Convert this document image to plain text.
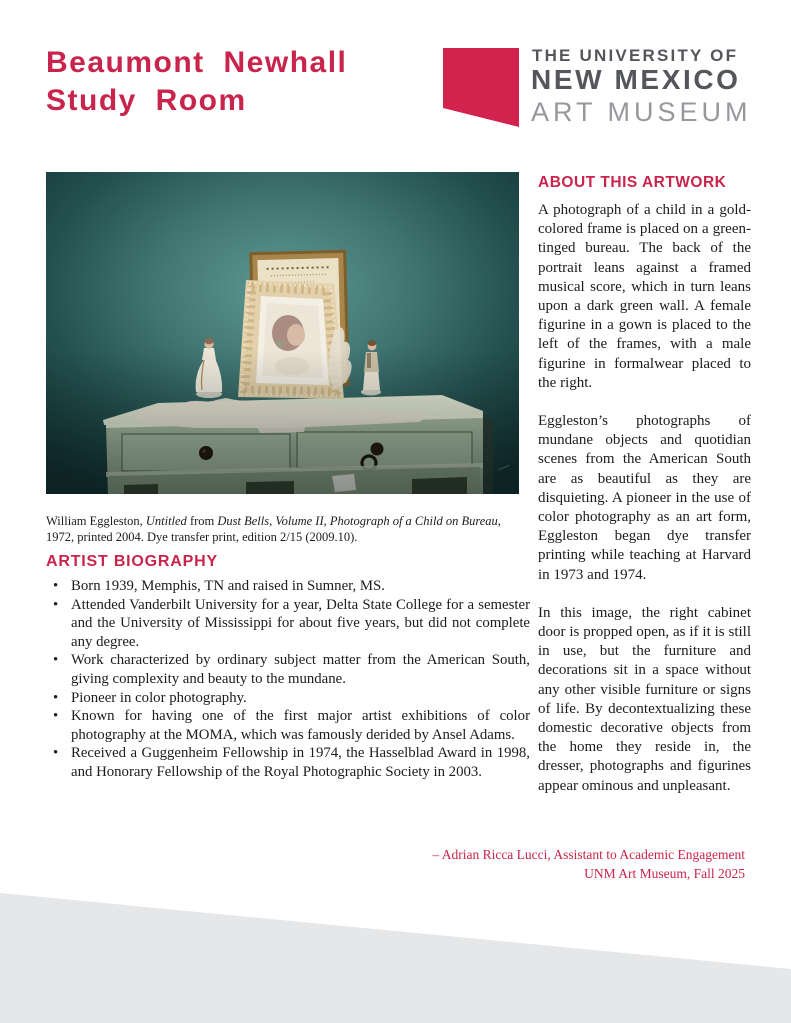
Beaumont Newhall
Study Room
THE UNIVERSITY OF
NEW MEXICO
ART MUSEUM

William Eggleston, Untitled from Dust Bells, Volume II, Photograph of a Child on Bureau, 1972, printed 2004. Dye transfer print, edition 2/15 (2009.10).

ARTIST BIOGRAPHY
• Born 1939, Memphis, TN and raised in Sumner, MS.
• Attended Vanderbilt University for a year, Delta State College for a semester and the University of Mississippi for about five years, but did not complete any degree.
• Work characterized by ordinary subject matter from the American South, giving complexity and beauty to the mundane.
• Pioneer in color photography.
• Known for having one of the first major artist exhibitions of color photography at the MOMA, which was famously derided by Ansel Adams.
• Received a Guggenheim Fellowship in 1974, the Hasselblad Award in 1998, and Honorary Fellowship of the Royal Photographic Society in 2003.
ABOUT THIS ARTWORK

A photograph of a child in a gold-colored frame is placed on a green-tinged bureau. The back of the portrait leans against a framed musical score, which in turn leans upon a dark green wall. A female figurine in a gown is placed to the left of the frames, with a male figurine in formalwear placed to the right.

Eggleston’s photographs of mundane objects and quotidian scenes from the American South are as beautiful as they are disquieting. A pioneer in the use of color photography as an art form, Eggleston began dye transfer printing while teaching at Harvard in 1973 and 1974.

In this image, the right cabinet door is propped open, as if it is still in use, but the furniture and decorations sit in a space without any other visible furniture or signs of life. By decontextualizing these domestic decorative objects from the home they reside in, the dresser, photographs and figurines appear ominous and unpleasant.

– Adrian Ricca Lucci, Assistant to Academic Engagement
UNM Art Museum, Fall 2025
